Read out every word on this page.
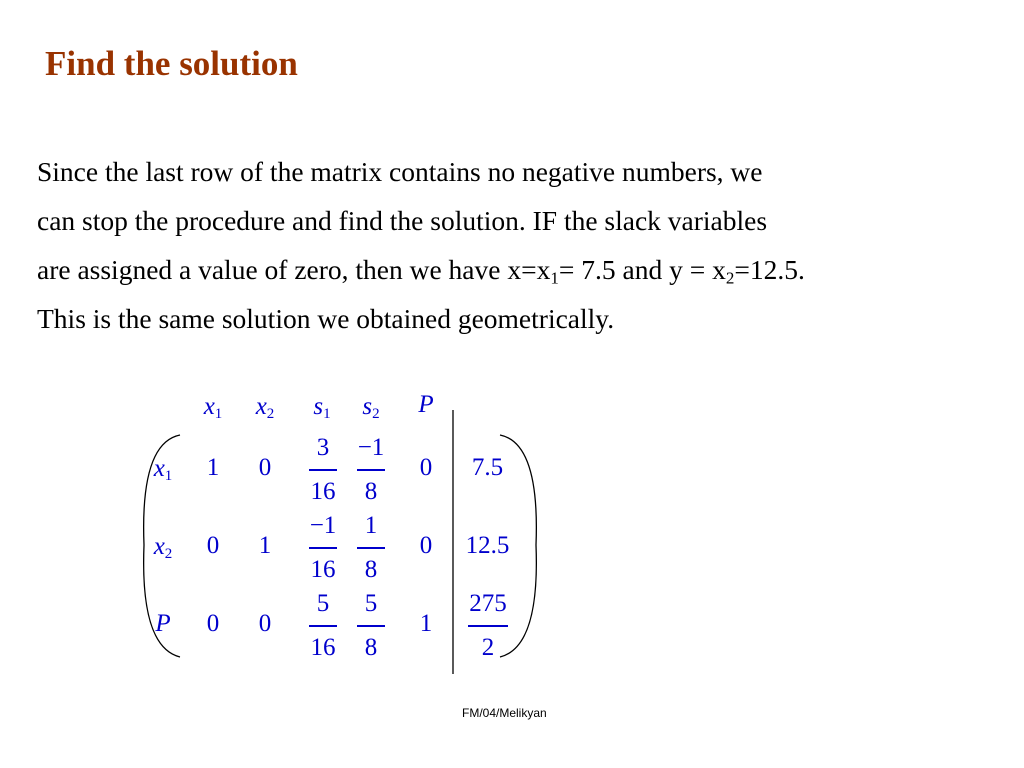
Find the solution

Since the last row of the matrix contains no negative numbers, we

can stop the procedure and find the solution. IF the slack variables

are assigned a value of zero, then we have $x=x_1= 7.5$ and $y = x_2=12.5$.

This is the same solution we obtained geometrically.

$x_1$ $x_2$ $s_1$ $s_2$ P
$x_1$ 1 0
3
16
−1
8
0	7.5
$x_2$ 0 1
−1
16
1
8
0 12.5
P 0 0
5
16
5
8
1
275
2
FM/04/Melikyan
